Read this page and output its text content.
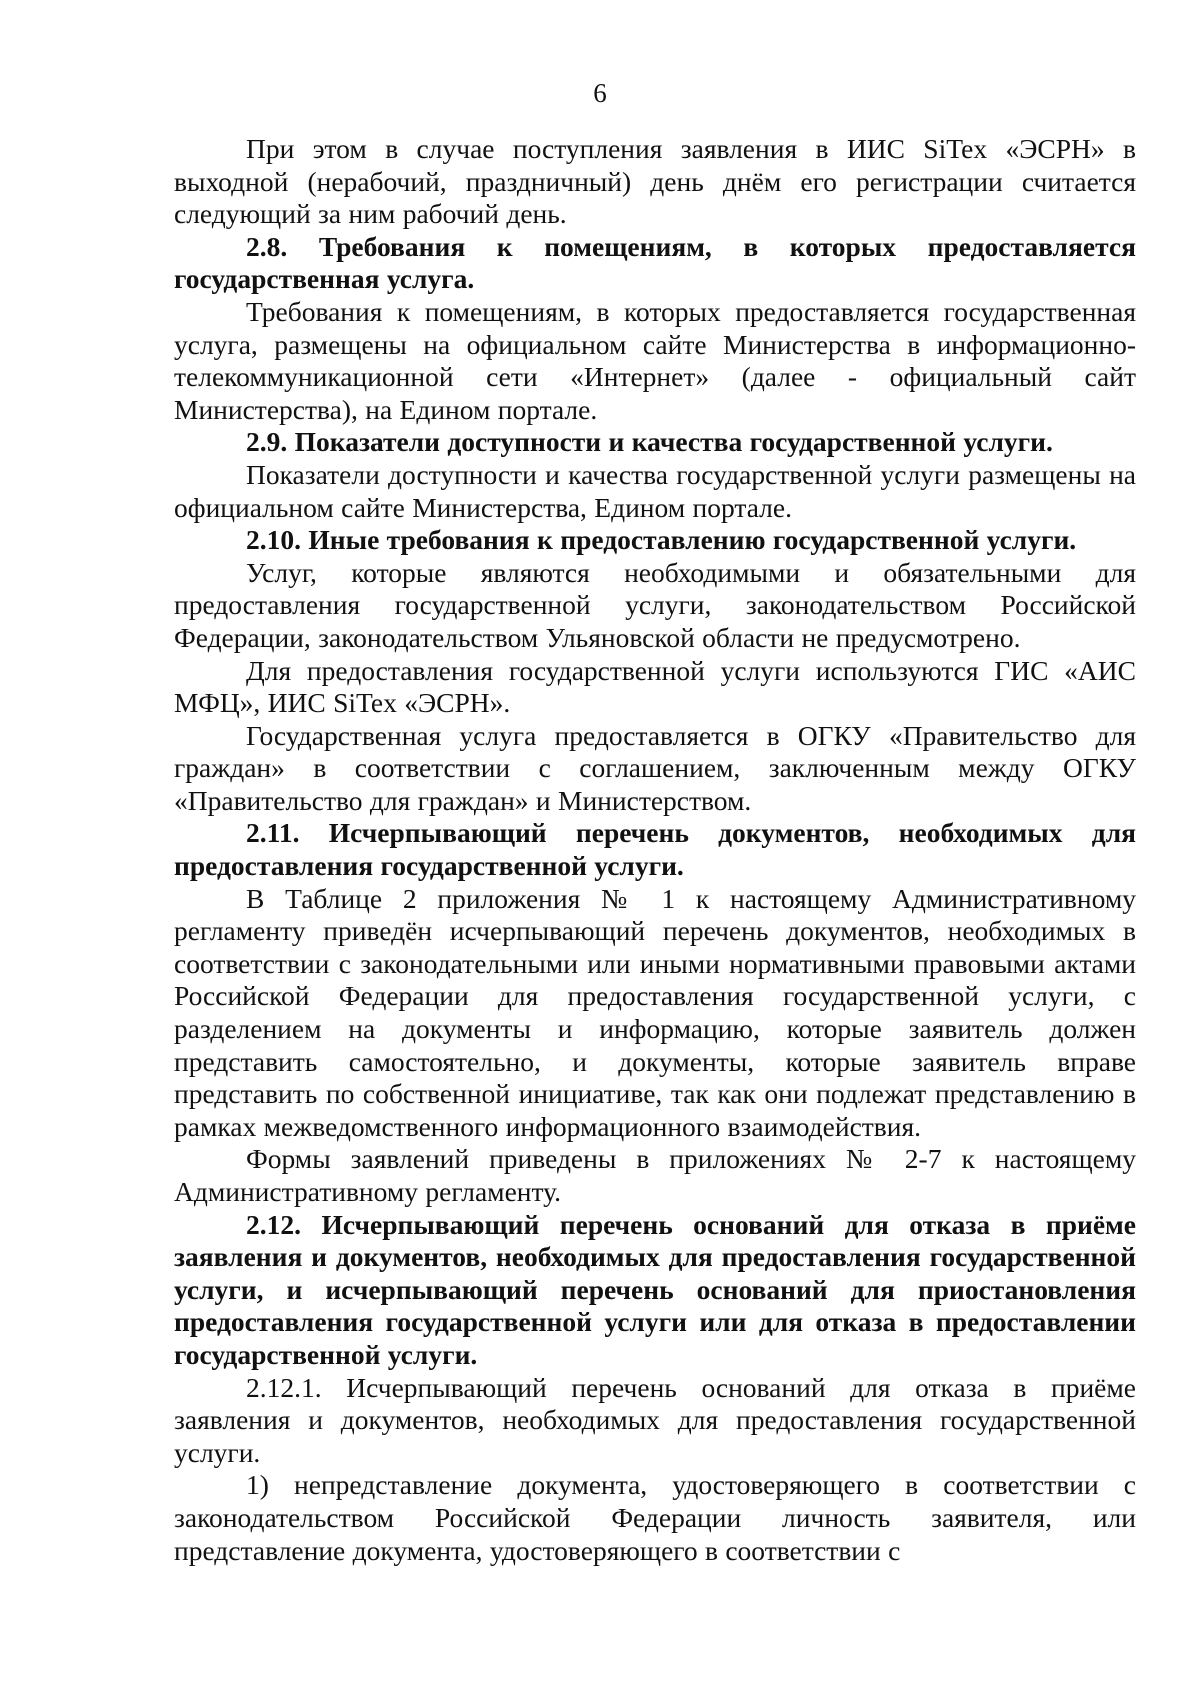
6

При этом в случае поступления заявления в ИИС SiTex «ЭСРН» в выходной (нерабочий, праздничный) день днём его регистрации считается следующий за ним рабочий день.

2.8. Требования к помещениям, в которых предоставляется государственная услуга.

Требования к помещениям, в которых предоставляется государственная услуга, размещены на официальном сайте Министерства в информационно-телекоммуникационной сети «Интернет» (далее - официальный сайт Министерства), на Едином портале.

2.9. Показатели доступности и качества государственной услуги.

Показатели доступности и качества государственной услуги размещены на официальном сайте Министерства, Едином портале.

2.10. Иные требования к предоставлению государственной услуги.

Услуг, которые являются необходимыми и обязательными для предоставления государственной услуги, законодательством Российской Федерации, законодательством Ульяновской области не предусмотрено.

Для предоставления государственной услуги используются ГИС «АИС МФЦ», ИИС SiTex «ЭСРН».

Государственная услуга предоставляется в ОГКУ «Правительство для граждан» в соответствии с соглашением, заключенным между ОГКУ «Правительство для граждан» и Министерством.

2.11. Исчерпывающий перечень документов, необходимых для предоставления государственной услуги.

В Таблице 2 приложения № 1 к настоящему Административному регламенту приведён исчерпывающий перечень документов, необходимых в соответствии с законодательными или иными нормативными правовыми актами Российской Федерации для предоставления государственной услуги, с разделением на документы и информацию, которые заявитель должен представить самостоятельно, и документы, которые заявитель вправе представить по собственной инициативе, так как они подлежат представлению в рамках межведомственного информационного взаимодействия.

Формы заявлений приведены в приложениях № 2-7 к настоящему Административному регламенту.

2.12. Исчерпывающий перечень оснований для отказа в приёме заявления и документов, необходимых для предоставления государственной услуги, и исчерпывающий перечень оснований для приостановления предоставления государственной услуги или для отказа в предоставлении государственной услуги.

2.12.1. Исчерпывающий перечень оснований для отказа в приёме заявления и документов, необходимых для предоставления государственной услуги.

1) непредставление документа, удостоверяющего в соответствии с законодательством Российской Федерации личность заявителя, или представление документа, удостоверяющего в соответствии с
